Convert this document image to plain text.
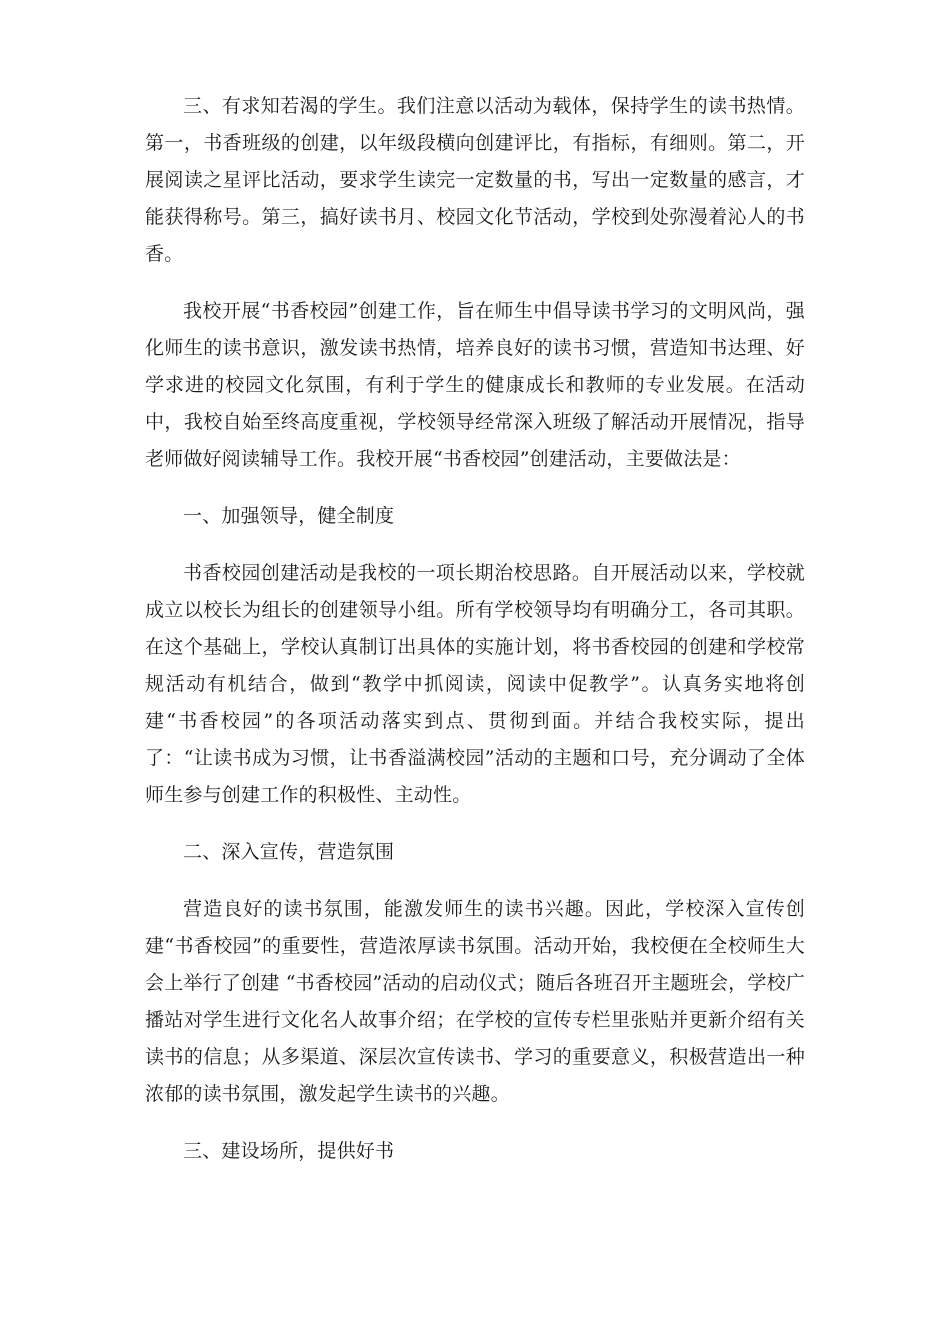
三、有求知若渴的学生。我们注意以活动为载体，保持学生的读书热情。第一，书香班级的创建，以年级段横向创建评比，有指标，有细则。第二，开展阅读之星评比活动，要求学生读完一定数量的书，写出一定数量的感言，才能获得称号。第三，搞好读书月、校园文化节活动，学校到处弥漫着沁人的书香。

我校开展“书香校园”创建工作，旨在师生中倡导读书学习的文明风尚，强化师生的读书意识，激发读书热情，培养良好的读书习惯，营造知书达理、好学求进的校园文化氛围，有利于学生的健康成长和教师的专业发展。在活动中，我校自始至终高度重视，学校领导经常深入班级了解活动开展情况，指导老师做好阅读辅导工作。我校开展“书香校园”创建活动，主要做法是：

一、加强领导，健全制度

书香校园创建活动是我校的一项长期治校思路。自开展活动以来，学校就成立以校长为组长的创建领导小组。所有学校领导均有明确分工，各司其职。在这个基础上，学校认真制订出具体的实施计划，将书香校园的创建和学校常规活动有机结合，做到“教学中抓阅读，阅读中促教学”。认真务实地将创建“书香校园”的各项活动落实到点、贯彻到面。并结合我校实际，提出了：“让读书成为习惯，让书香溢满校园”活动的主题和口号，充分调动了全体师生参与创建工作的积极性、主动性。

二、深入宣传，营造氛围

营造良好的读书氛围，能激发师生的读书兴趣。因此，学校深入宣传创建“书香校园”的重要性，营造浓厚读书氛围。活动开始，我校便在全校师生大会上举行了创建 “书香校园”活动的启动仪式；随后各班召开主题班会，学校广播站对学生进行文化名人故事介绍；在学校的宣传专栏里张贴并更新介绍有关读书的信息；从多渠道、深层次宣传读书、学习的重要意义，积极营造出一种浓郁的读书氛围，激发起学生读书的兴趣。

三、建设场所，提供好书
